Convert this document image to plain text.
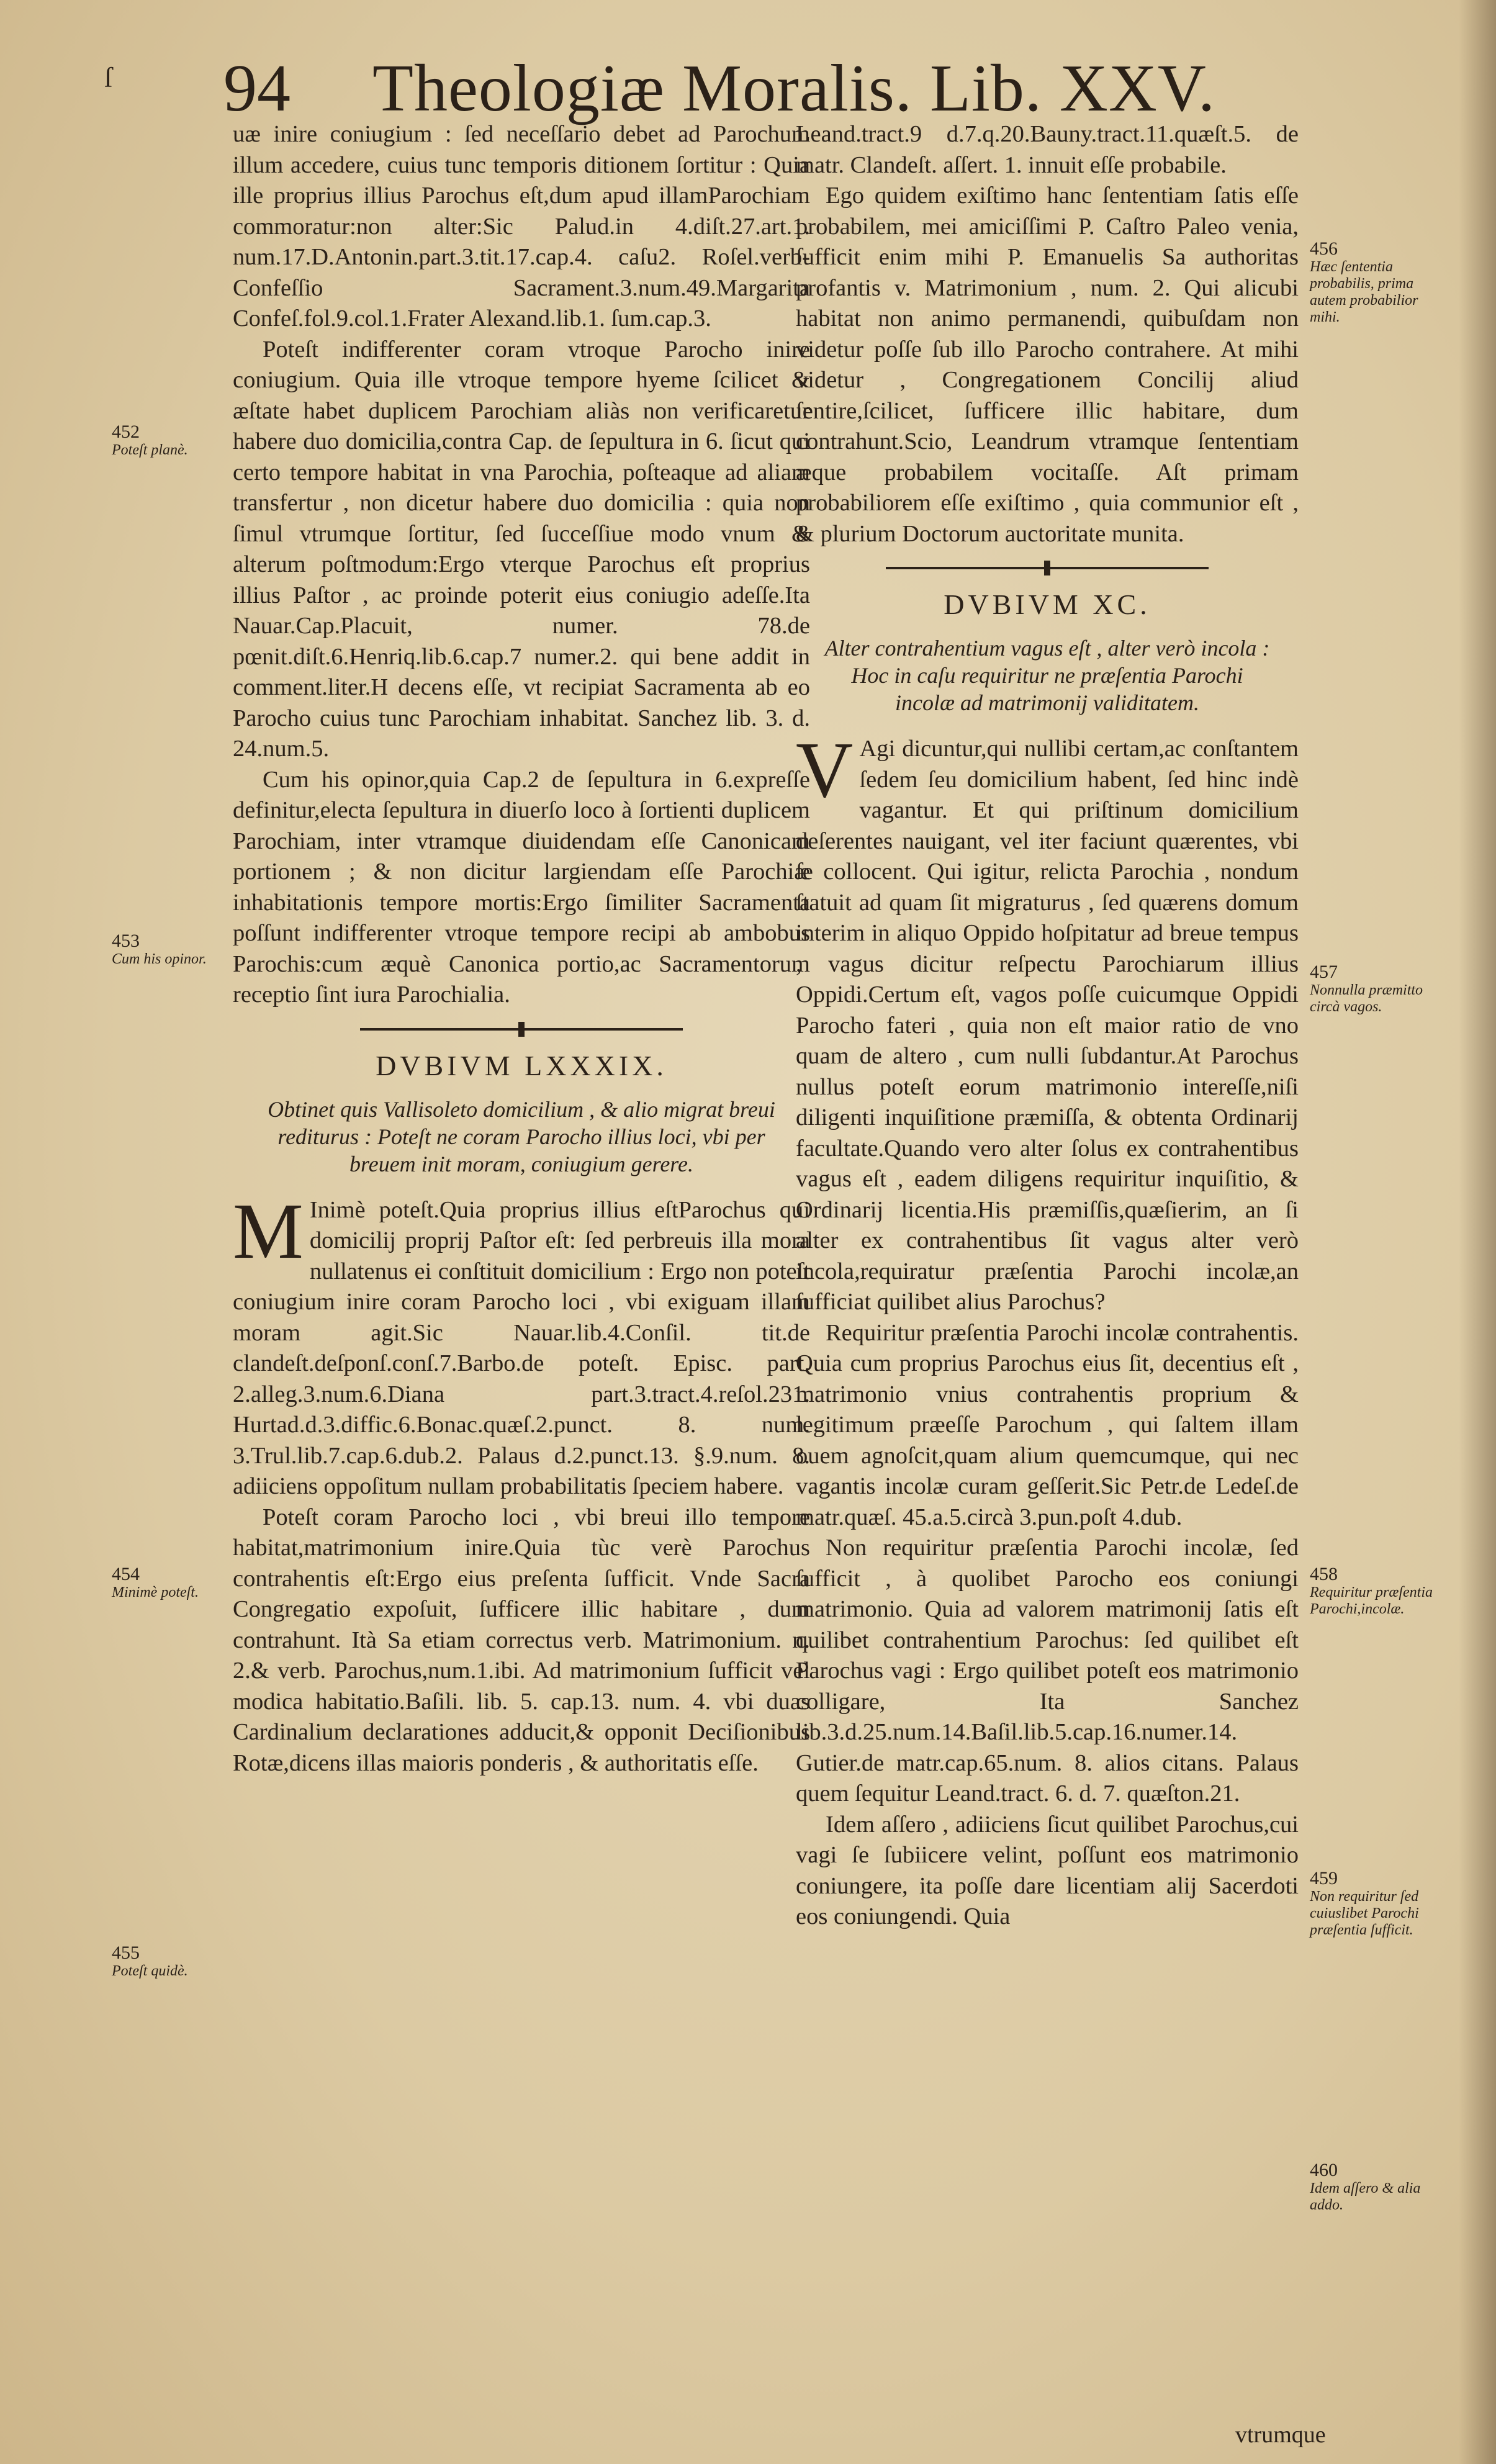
ſ 94 Theologiæ Moralis. Lib. XXV.

uæ inire coniugium : ſed neceſſario debet ad Parochum illum accedere, cuius tunc temporis ditionem ſortitur : Quia ille proprius illius Parochus eſt,dum apud illamParochiam commoratur:non alter:Sic Palud.in 4.diſt.27.art.1. num.17.D.Antonin.part.3.tit.17.cap.4. caſu2. Roſel.verb-Confeſſio Sacrament.3.num.49.Margarita Confeſ.fol.9.col.1.Frater Alexand.lib.1. ſum.cap.3.

Poteſt indifferenter coram vtroque Parocho inire coniugium. Quia ille vtroque tempore hyeme ſcilicet & æſtate habet duplicem Parochiam aliàs non verificaretur habere duo domicilia,contra Cap. de ſepultura in 6. ſicut qui certo tempore habitat in vna Parochia, poſteaque ad aliam transfertur , non dicetur habere duo domicilia : quia non ſimul vtrumque ſortitur, ſed ſucceſſiue modo vnum & alterum poſtmodum:Ergo vterque Parochus eſt proprius illius Paſtor , ac proinde poterit eius coniugio adeſſe.Ita Nauar.Cap.Placuit, numer. 78.de pœnit.diſt.6.Henriq.lib.6.cap.7 numer.2. qui bene addit in comment.liter.H decens eſſe, vt recipiat Sacramenta ab eo Parocho cuius tunc Parochiam inhabitat. Sanchez lib. 3. d. 24.num.5.

Cum his opinor,quia Cap.2 de ſepultura in 6.expreſſe definitur,electa ſepultura in diuerſo loco à ſortienti duplicem Parochiam, inter vtramque diuidendam eſſe Canonicam portionem ; & non dicitur largiendam eſſe Parochiæ inhabitationis tempore mortis:Ergo ſimiliter Sacramenta poſſunt indifferenter vtroque tempore recipi ab ambobus Parochis:cum æquè Canonica portio,ac Sacramentorum receptio ſint iura Parochialia.

DVBIVM LXXXIX.
Obtinet quis Vallisoleto domicilium , & alio migrat breui rediturus : Poteſt ne coram Parocho illius loci, vbi per breuem init moram, coniugium gerere.
M Inimè poteſt.Quia proprius illius eſtParochus qui domicilij proprij Paſtor eſt: ſed perbreuis illa mora nullatenus ei conſtituit domicilium : Ergo non poteſt coniugium inire coram Parocho loci , vbi exiguam illam moram agit.Sic Nauar.lib.4.Conſil. tit.de clandeſt.deſponſ.conſ.7.Barbo.de poteſt. Episc. part. 2.alleg.3.num.6.Diana part.3.tract.4.reſol.231. Hurtad.d.3.diffic.6.Bonac.quæſ.2.punct. 8. num. 3.Trul.lib.7.cap.6.dub.2. Palaus d.2.punct.13. §.9.num. 8. adiiciens oppoſitum nullam probabilitatis ſpeciem habere.

Poteſt coram Parocho loci , vbi breui illo tempore habitat,matrimonium inire.Quia tùc verè Parochus contrahentis eſt:Ergo eius preſenta ſufficit. Vnde Sacra Congregatio expoſuit, ſufficere illic habitare , dum contrahunt. Ità Sa etiam correctus verb. Matrimonium. n. 2.& verb. Parochus,num.1.ibi. Ad matrimonium ſufficit vel modica habitatio.Baſili. lib. 5. cap.13. num. 4. vbi duas Cardinalium declarationes adducit,& opponit Deciſionibus Rotæ,dicens illas maioris ponderis , & authoritatis eſſe.

Leand.tract.9 d.7.q.20.Bauny.tract.11.quæſt.5. de matr. Clandeſt. aſſert. 1. innuit eſſe probabile.

Ego quidem exiſtimo hanc ſententiam ſatis eſſe probabilem, mei amiciſſimi P. Caſtro Paleo venia, ſufficit enim mihi P. Emanuelis Sa authoritas profantis v. Matrimonium , num. 2. Qui alicubi habitat non animo permanendi, quibuſdam non videtur poſſe ſub illo Parocho contrahere. At mihi videtur , Congregationem Concilij aliud ſentire,ſcilicet, ſufficere illic habitare, dum contrahunt.Scio, Leandrum vtramque ſententiam æque probabilem vocitaſſe. Aſt primam probabiliorem eſſe exiſtimo , quia communior eſt , & plurium Doctorum auctoritate munita.

DVBIVM XC.
Alter contrahentium vagus eſt , alter verò incola : Hoc in caſu requiritur ne præſentia Parochi incolæ ad matrimonij validitatem.
V Agi dicuntur,qui nullibi certam,ac conſtantem ſedem ſeu domicilium habent, ſed hinc indè vagantur. Et qui priſtinum domicilium deſerentes nauigant, vel iter faciunt quærentes, vbi ſe collocent. Qui igitur, relicta Parochia , nondum ſtatuit ad quam ſit migraturus , ſed quærens domum interim in aliquo Oppido hoſpitatur ad breue tempus , vagus dicitur reſpectu Parochiarum illius Oppidi.Certum eſt, vagos poſſe cuicumque Oppidi Parocho fateri , quia non eſt maior ratio de vno quam de altero , cum nulli ſubdantur.At Parochus nullus poteſt eorum matrimonio intereſſe,niſi diligenti inquiſitione præmiſſa, & obtenta Ordinarij facultate.Quando vero alter ſolus ex contrahentibus vagus eſt , eadem diligens requiritur inquiſitio, & Ordinarij licentia.His præmiſſis,quæſierim, an ſi alter ex contrahentibus ſit vagus alter verò incola,requiratur præſentia Parochi incolæ,an ſufficiat quilibet alius Parochus?

Requiritur præſentia Parochi incolæ contrahentis. Quia cum proprius Parochus eius ſit, decentius eſt , matrimonio vnius contrahentis proprium & legitimum præeſſe Parochum , qui ſaltem illam ouem agnoſcit,quam alium quemcumque, qui nec vagantis incolæ curam geſſerit.Sic Petr.de Ledeſ.de matr.quæſ. 45.a.5.circà 3.pun.poſt 4.dub.

Non requiritur præſentia Parochi incolæ, ſed ſufficit , à quolibet Parocho eos coniungi matrimonio. Quia ad valorem matrimonij ſatis eſt quilibet contrahentium Parochus: ſed quilibet eſt Parochus vagi : Ergo quilibet poteſt eos matrimonio colligare, Ita Sanchez lib.3.d.25.num.14.Baſil.lib.5.cap.16.numer.14. Gutier.de matr.cap.65.num. 8. alios citans. Palaus quem ſequitur Leand.tract. 6. d. 7. quæſton.21.

Idem aſſero , adiiciens ſicut quilibet Parochus,cui vagi ſe ſubiicere velint, poſſunt eos matrimonio coniungere, ita poſſe dare licentiam alij Sacerdoti eos coniungendi. Quia

vtrumque
452
Poteſt planè.
453
Cum his opinor.
454
Minimè poteſt.
455
Poteſt quidè.
456
Hæc ſententia probabilis, prima autem probabilior mihi.
457
Nonnulla præmitto circà vagos.
458
Requiritur præſentia Parochi,incolæ.
459
Non requiritur ſed cuiuslibet Parochi præſentia ſufficit.
460
Idem aſſero & alia addo.
